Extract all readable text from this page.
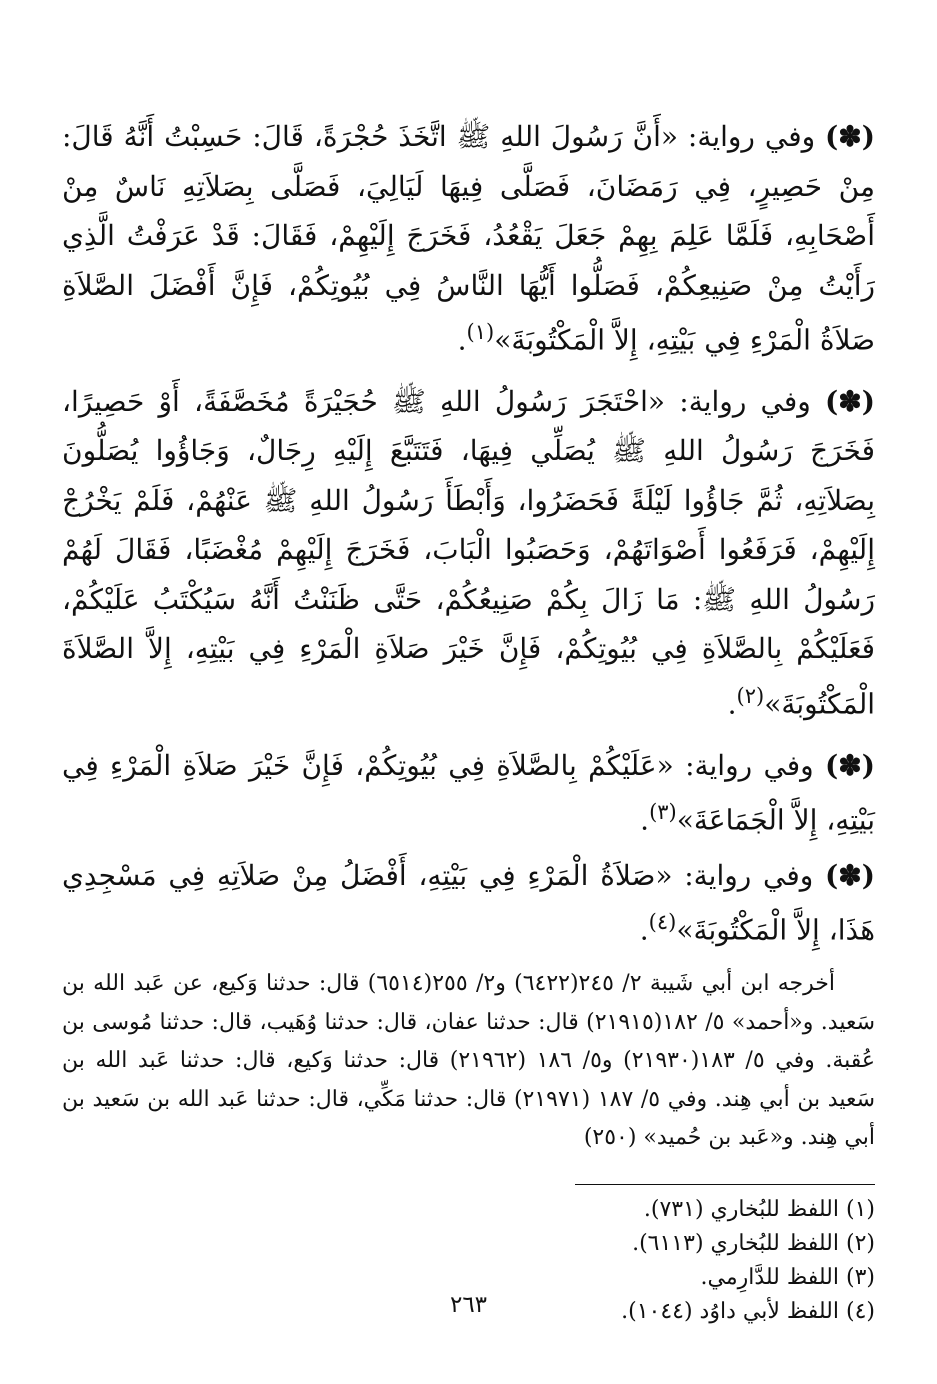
(✽) وفي رواية: «أَنَّ رَسُولَ اللهِ ﷺ اتَّخَذَ حُجْرَةً، قَالَ: حَسِبْتُ أَنَّهُ قَالَ: مِنْ حَصِيرٍ، فِي رَمَضَانَ، فَصَلَّى فِيهَا لَيَالِيَ، فَصَلَّى بِصَلاَتِهِ نَاسٌ مِنْ أَصْحَابِهِ، فَلَمَّا عَلِمَ بِهِمْ جَعَلَ يَقْعُدُ، فَخَرَجَ إِلَيْهِمْ، فَقَالَ: قَدْ عَرَفْتُ الَّذِي رَأَيْتُ مِنْ صَنِيعِكُمْ، فَصَلُّوا أَيُّهَا النَّاسُ فِي بُيُوتِكُمْ، فَإِنَّ أَفْضَلَ الصَّلاَةِ صَلاَةُ الْمَرْءِ فِي بَيْتِهِ، إِلاَّ الْمَكْتُوبَةَ»$^{(١)}$.

(✽) وفي رواية: «احْتَجَرَ رَسُولُ اللهِ ﷺ حُجَيْرَةً مُخَصَّفَةً، أَوْ حَصِيرًا، فَخَرَجَ رَسُولُ اللهِ ﷺ يُصَلِّي فِيهَا، فَتَتَبَّعَ إِلَيْهِ رِجَالٌ، وَجَاؤُوا يُصَلُّونَ بِصَلاَتِهِ، ثُمَّ جَاؤُوا لَيْلَةً فَحَضَرُوا، وَأَبْطَأَ رَسُولُ اللهِ ﷺ عَنْهُمْ، فَلَمْ يَخْرُجْ إِلَيْهِمْ، فَرَفَعُوا أَصْوَاتَهُمْ، وَحَصَبُوا الْبَابَ، فَخَرَجَ إِلَيْهِمْ مُغْضَبًا، فَقَالَ لَهُمْ رَسُولُ اللهِ ﷺ: مَا زَالَ بِكُمْ صَنِيعُكُمْ، حَتَّى ظَنَنْتُ أَنَّهُ سَيُكْتَبُ عَلَيْكُمْ، فَعَلَيْكُمْ بِالصَّلاَةِ فِي بُيُوتِكُمْ، فَإِنَّ خَيْرَ صَلاَةِ الْمَرْءِ فِي بَيْتِهِ، إِلاَّ الصَّلاَةَ الْمَكْتُوبَةَ»$^{(٢)}$.

(✽) وفي رواية: «عَلَيْكُمْ بِالصَّلاَةِ فِي بُيُوتِكُمْ، فَإِنَّ خَيْرَ صَلاَةِ الْمَرْءِ فِي بَيْتِهِ، إِلاَّ الْجَمَاعَةَ»$^{(٣)}$.

(✽) وفي رواية: «صَلاَةُ الْمَرْءِ فِي بَيْتِهِ، أَفْضَلُ مِنْ صَلاَتِهِ فِي مَسْجِدِي هَذَا، إِلاَّ الْمَكْتُوبَةَ»$^{(٤)}$.

أخرجه ابن أبي شَيبة ٢/ ٢٤٥(٦٤٢٢) و٢/ ٢٥٥(٦٥١٤) قال: حدثنا وَكيع، عن عَبد الله بن سَعيد. و«أحمد» ٥/ ١٨٢(٢١٩١٥) قال: حدثنا عفان، قال: حدثنا وُهَيب، قال: حدثنا مُوسى بن عُقبة. وفي ٥/ ١٨٣(٢١٩٣٠) و٥/ ١٨٦ (٢١٩٦٢) قال: حدثنا وَكيع، قال: حدثنا عَبد الله بن سَعيد بن أبي هِند. وفي ٥/ ١٨٧ (٢١٩٧١) قال: حدثنا مَكِّي، قال: حدثنا عَبد الله بن سَعيد بن أبي هِند. و«عَبد بن حُميد» (٢٥٠)

(١) اللفظ للبُخاري (٧٣١).
(٢) اللفظ للبُخاري (٦١١٣).
(٣) اللفظ للدَّارِمي.
(٤) اللفظ لأبي داوُد (١٠٤٤).
٢٦٣
